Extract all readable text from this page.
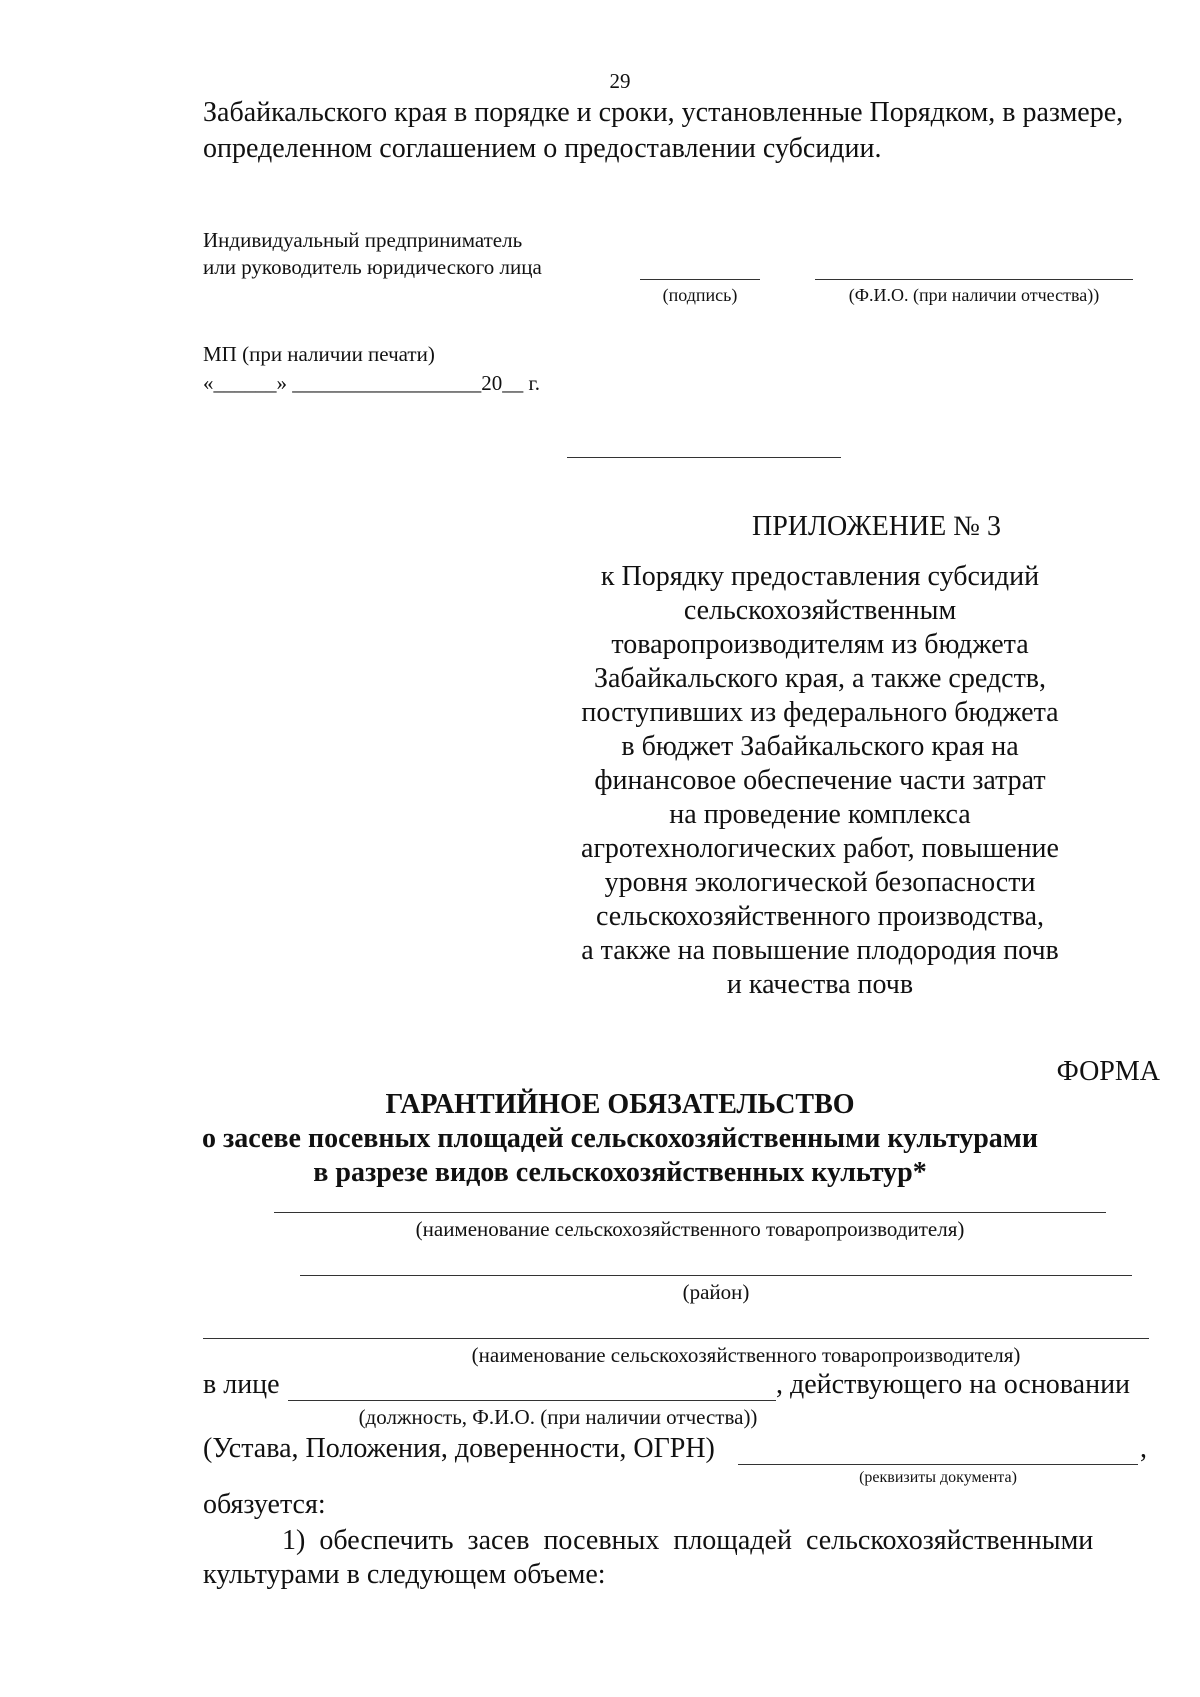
29
Забайкальского края в порядке и сроки, установленные Порядком, в размере,
определенном соглашением о предоставлении субсидии.
Индивидуальный предприниматель
или руководитель юридического лица
(подпись)	(Ф.И.О. (при наличии отчества))
МП (при наличии печати)
«______» __________________20__ г.
ПРИЛОЖЕНИЕ № 3
к Порядку предоставления субсидий
сельскохозяйственным
товаропроизводителям из бюджета
Забайкальского края, а также средств,
поступивших из федерального бюджета
в бюджет Забайкальского края на
финансовое обеспечение части затрат
на проведение комплекса
агротехнологических работ, повышение
уровня экологической безопасности
сельскохозяйственного производства,
а также на повышение плодородия почв
и качества почв
ФОРМА
ГАРАНТИЙНОЕ ОБЯЗАТЕЛЬСТВО
о засеве посевных площадей сельскохозяйственными культурами
в разрезе видов сельскохозяйственных культур*
(наименование сельскохозяйственного товаропроизводителя)
(район)
(наименование сельскохозяйственного товаропроизводителя)
в лице	, действующего на основании
(должность, Ф.И.О. (при наличии отчества))
(Устава, Положения, доверенности, ОГРН)	,
(реквизиты документа)
обязуется:
1)  обеспечить  засев  посевных  площадей  сельскохозяйственными
культурами в следующем объеме:
